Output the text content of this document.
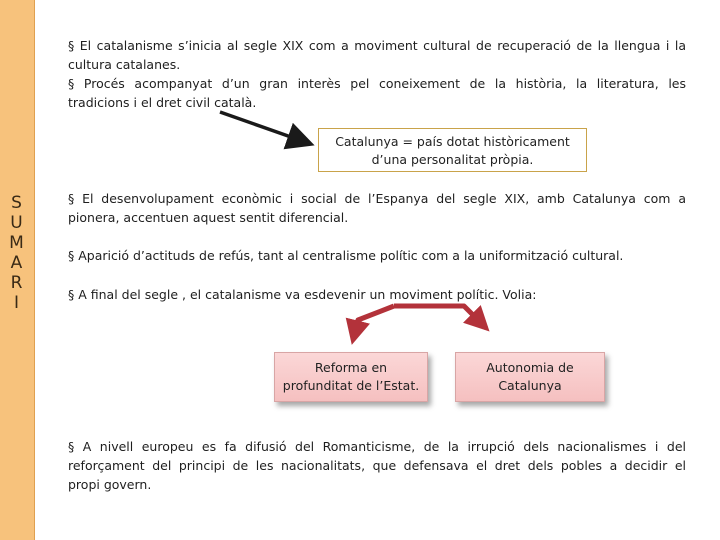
S
U
M
A
R
I
§ El catalanisme s’inicia al segle XIX com a moviment cultural de recuperació de la llengua i la
cultura catalanes.
§ Procés acompanyat d’un gran interès pel coneixement de la història, la literatura, les
tradicions i el dret civil català.
Catalunya = país dotat històricament
d’una personalitat pròpia.
§ El desenvolupament econòmic i social de l’Espanya del segle XIX, amb Catalunya com a
pionera, accentuen aquest sentit diferencial.
§ Aparició d’actituds de refús, tant al centralisme polític com a la uniformització cultural.
§ A final del segle , el catalanisme va esdevenir un moviment polític. Volia:
Reforma en
profunditat de l’Estat.
Autonomia de
Catalunya
§ A nivell europeu es fa difusió del Romanticisme, de la irrupció dels nacionalismes i del
reforçament del principi de les nacionalitats, que defensava el dret dels pobles a decidir el
propi govern.
